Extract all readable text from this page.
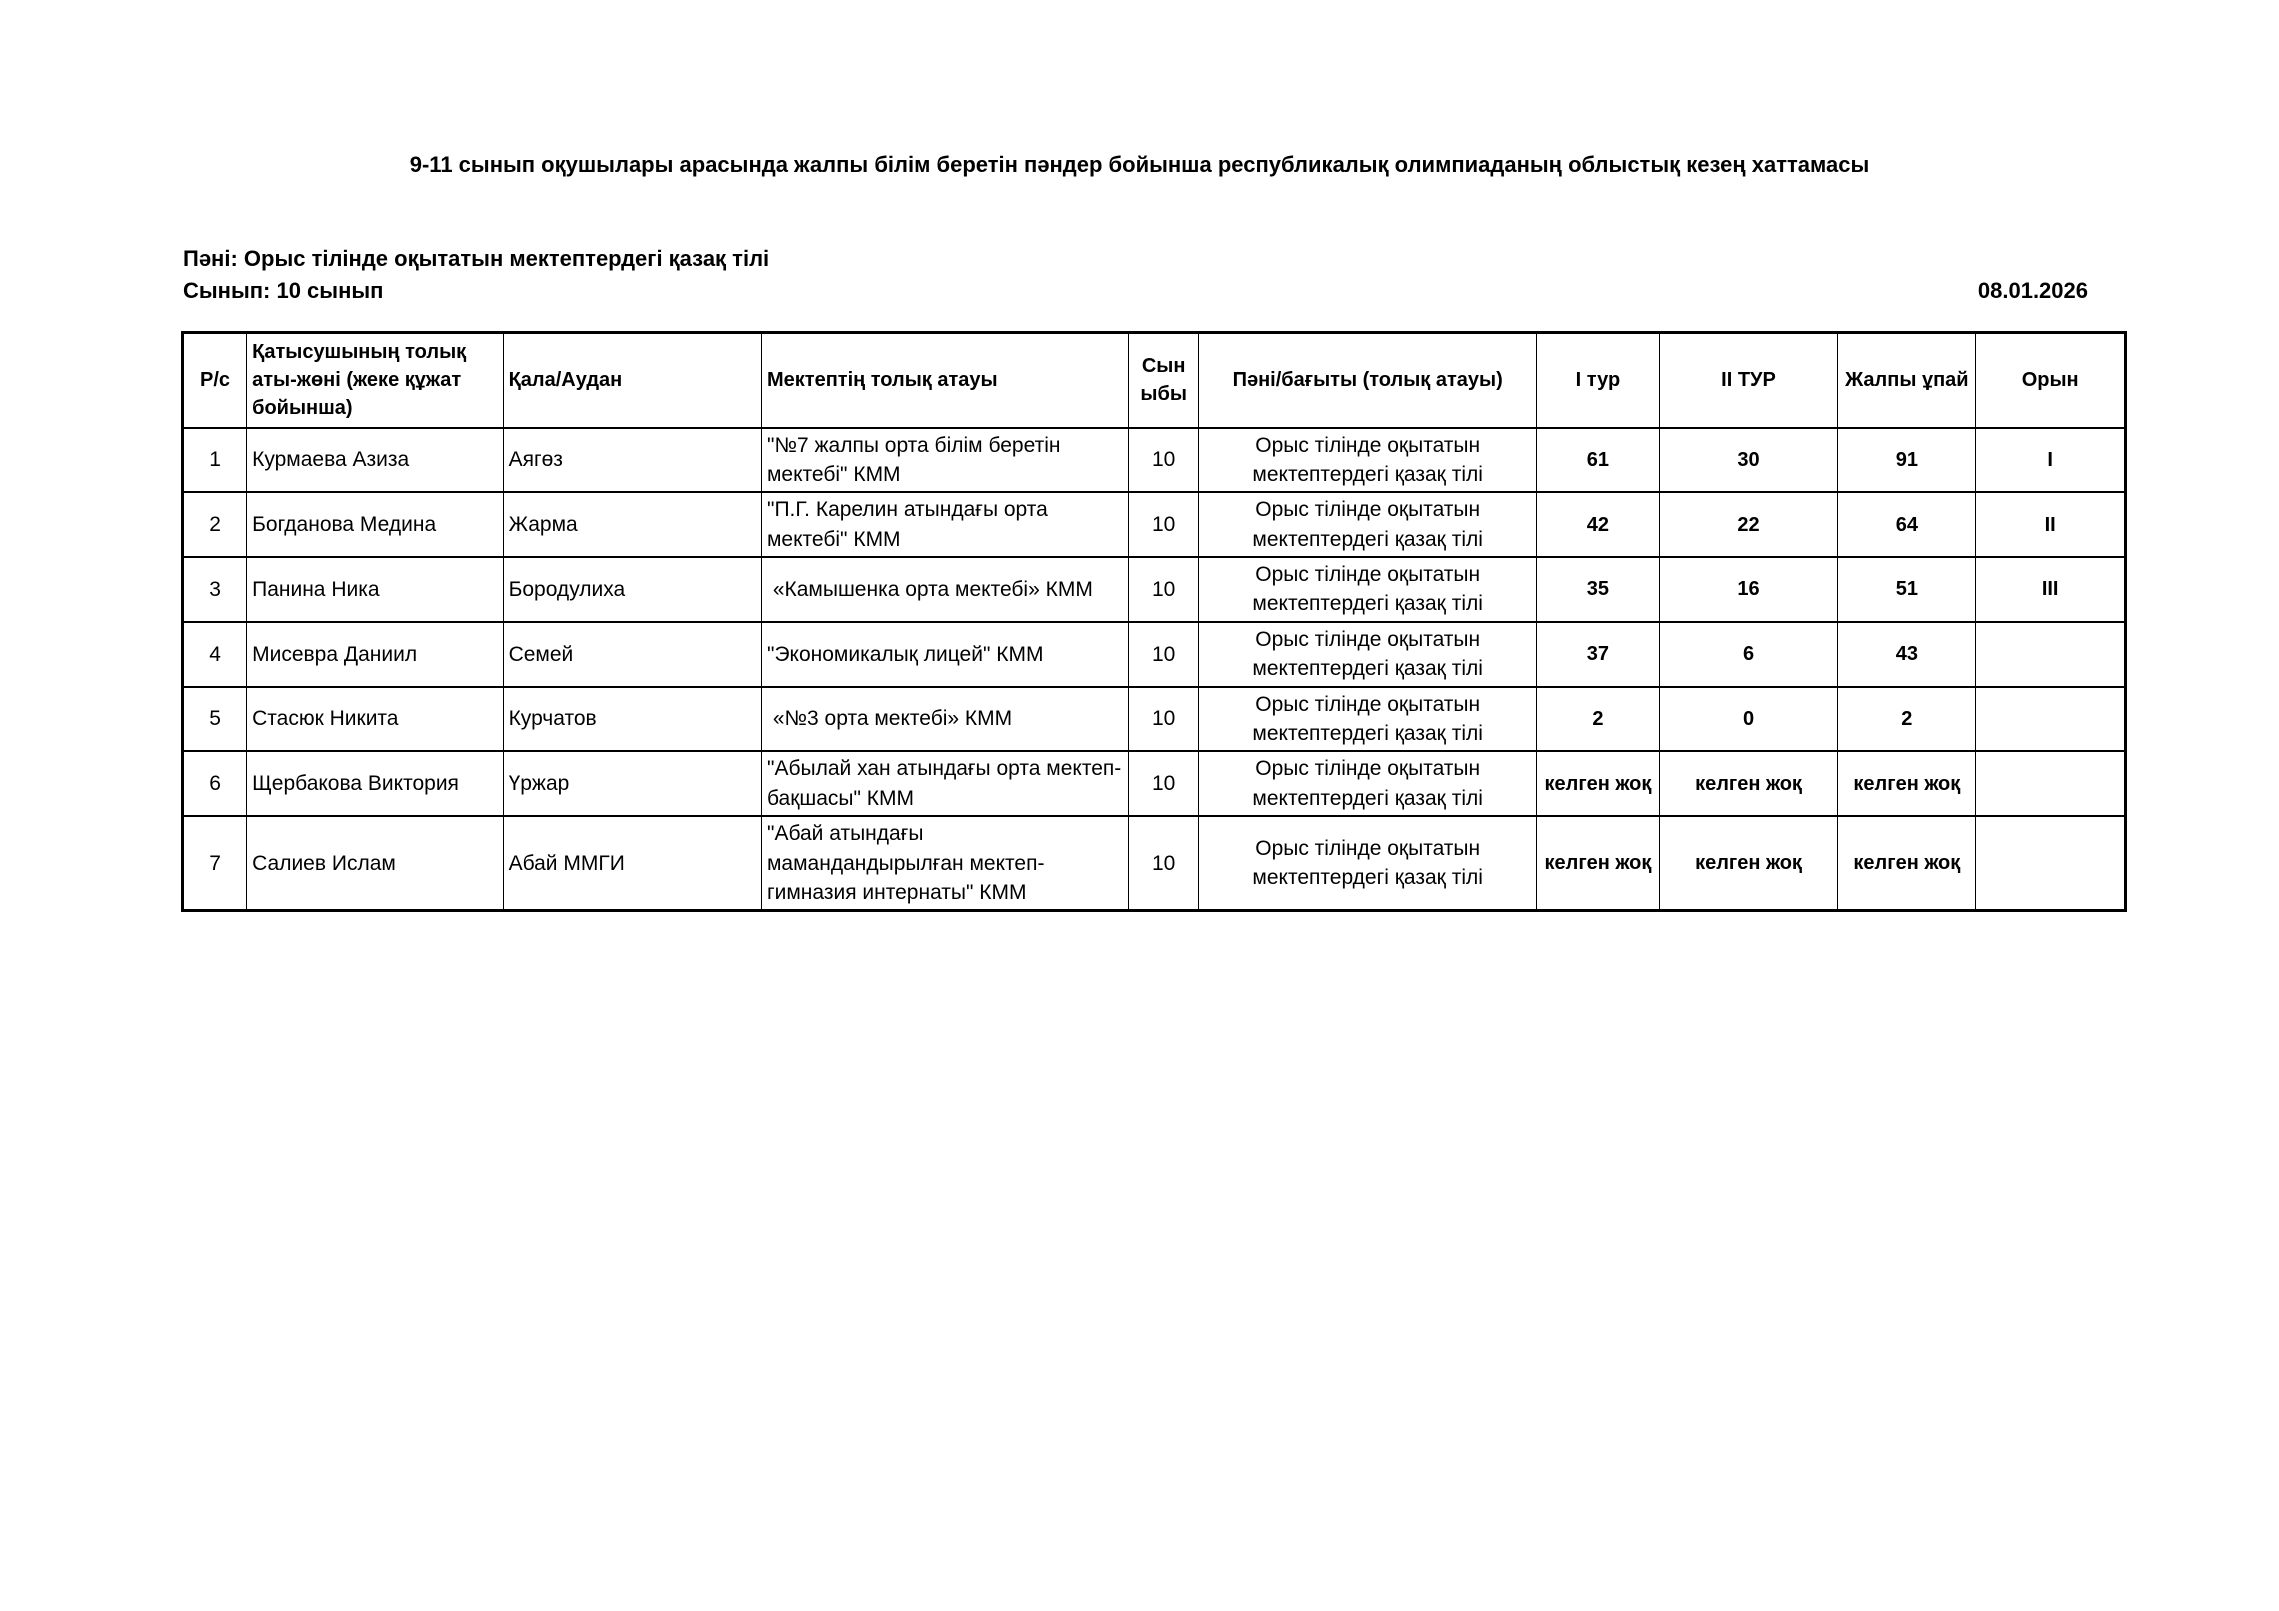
9-11 сынып оқушылары арасында жалпы білім беретін пәндер бойынша республикалық олимпиаданың облыстық кезең хаттамасы
Пәні: Орыс тілінде оқытатын мектептердегі қазақ тілі
Сынып: 10 сынып	08.01.2026
Р/с	Қатысушының толық аты-жөні (жеке құжат бойынша)	Қала/Аудан	Мектептің толық атауы	Сыныбы	Пәні/бағыты (толық атауы)	I тур	II ТУР	Жалпы ұпай	Орын
1	Курмаева Азиза	Аягөз	"№7 жалпы орта білім беретін мектебі" КММ	10	Орыс тілінде оқытатын мектептердегі қазақ тілі	61	30	91	I
2	Богданова Медина	Жарма	"П.Г. Карелин атындағы орта мектебі" КММ	10	Орыс тілінде оқытатын мектептердегі қазақ тілі	42	22	64	II
3	Панина Ника	Бородулиха	«Камышенка орта мектебі» КММ	10	Орыс тілінде оқытатын мектептердегі қазақ тілі	35	16	51	III
4	Мисевра Даниил	Семей	"Экономикалық лицей" КММ	10	Орыс тілінде оқытатын мектептердегі қазақ тілі	37	6	43	
5	Стасюк Никита	Курчатов	«№3 орта мектебі» КММ	10	Орыс тілінде оқытатын мектептердегі қазақ тілі	2	0	2	
6	Щербакова Виктория	Үржар	"Абылай хан атындағы орта мектеп-бақшасы" КММ	10	Орыс тілінде оқытатын мектептердегі қазақ тілі	келген жоқ	келген жоқ	келген жоқ	
7	Салиев Ислам	Абай ММГИ	"Абай атындағы мамандандырылған мектеп-гимназия интернаты" КММ	10	Орыс тілінде оқытатын мектептердегі қазақ тілі	келген жоқ	келген жоқ	келген жоқ	
